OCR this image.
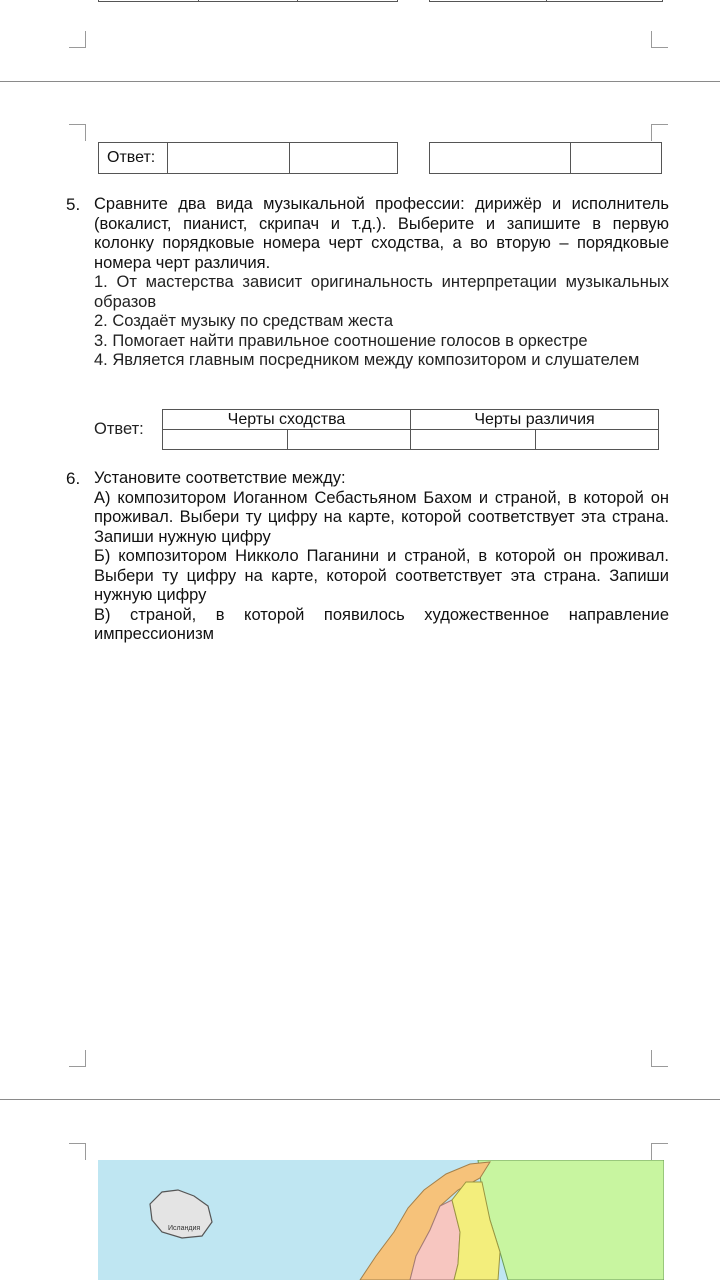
Ответ:		

5. Сравните два вида музыкальной профессии: дирижёр и исполнитель (вокалист, пианист, скрипач и т.д.). Выберите и запишите в первую колонку порядковые номера черт сходства, а во вторую – порядковые номера черт различия.
1. От мастерства зависит оригинальность интерпретации музыкальных образов
2. Создаёт музыку по средствам жеста
3. Помогает найти правильное соотношение голосов в оркестре
4. Является главным посредником между композитором и слушателем
Ответ:
Черты сходства		Черты различия	

6. Установите соответствие между:
А) композитором Иоганном Себастьяном Бахом и страной, в которой он проживал. Выбери ту цифру на карте, которой соответствует эта страна. Запиши нужную цифру
Б) композитором Никколо Паганини и страной, в которой он проживал. Выбери ту цифру на карте, которой соответствует эта страна. Запиши нужную цифру
В) страной, в которой появилось художественное направление импрессионизм
Исландия
